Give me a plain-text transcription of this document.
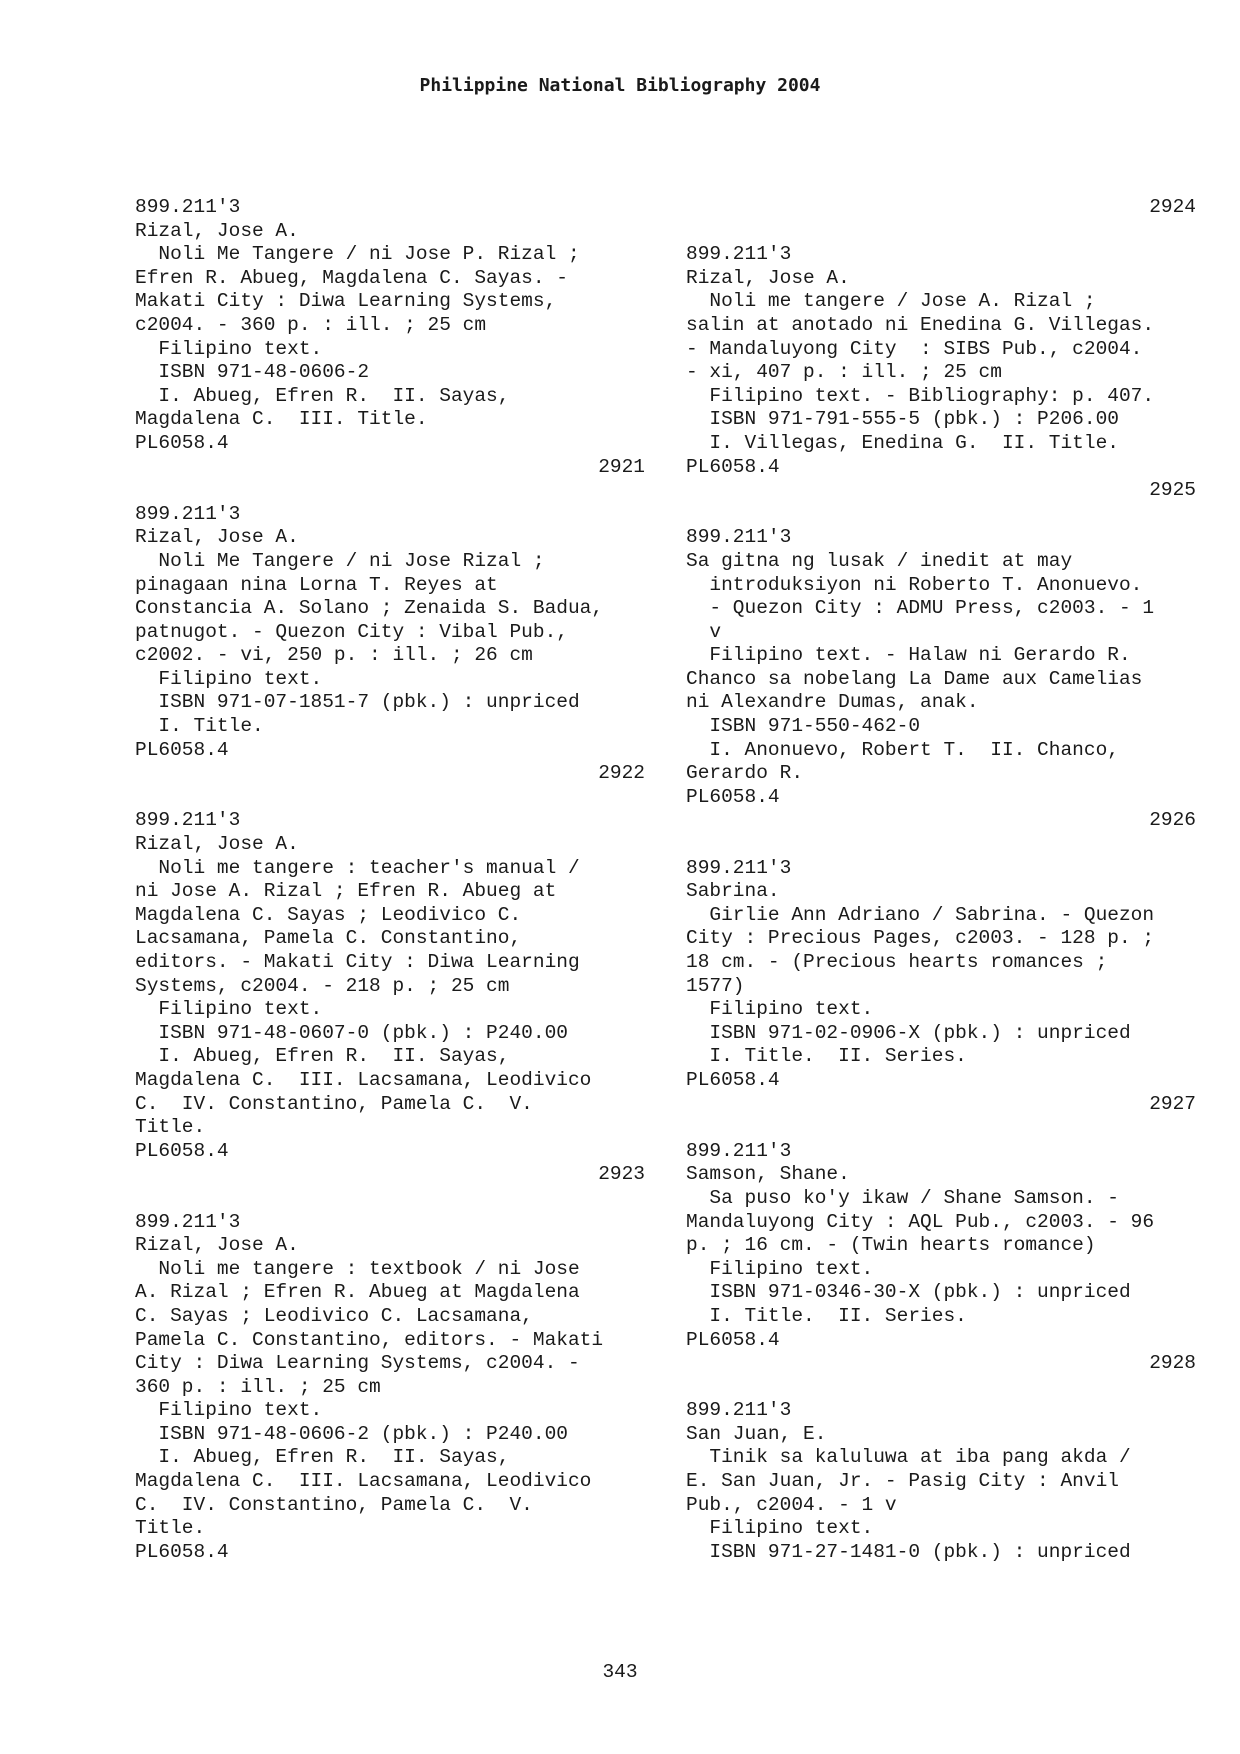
Philippine National Bibliography 2004
899.211'3
Rizal, Jose A.
Noli Me Tangere / ni Jose P. Rizal ;
Efren R. Abueg, Magdalena C. Sayas. -
Makati City : Diwa Learning Systems,
c2004. - 360 p. : ill. ; 25 cm
Filipino text.
ISBN 971-48-0606-2
I. Abueg, Efren R.  II. Sayas,
Magdalena C.  III. Title.
PL6058.4
2921
899.211'3
Rizal, Jose A.
Noli Me Tangere / ni Jose Rizal ;
pinagaan nina Lorna T. Reyes at
Constancia A. Solano ; Zenaida S. Badua,
patnugot. - Quezon City : Vibal Pub.,
c2002. - vi, 250 p. : ill. ; 26 cm
Filipino text.
ISBN 971-07-1851-7 (pbk.) : unpriced
I. Title.
PL6058.4
2922
899.211'3
Rizal, Jose A.
Noli me tangere : teacher's manual /
ni Jose A. Rizal ; Efren R. Abueg at
Magdalena C. Sayas ; Leodivico C.
Lacsamana, Pamela C. Constantino,
editors. - Makati City : Diwa Learning
Systems, c2004. - 218 p. ; 25 cm
Filipino text.
ISBN 971-48-0607-0 (pbk.) : P240.00
I. Abueg, Efren R.  II. Sayas,
Magdalena C.  III. Lacsamana, Leodivico
C.  IV. Constantino, Pamela C.  V.
Title.
PL6058.4
2923
899.211'3
Rizal, Jose A.
Noli me tangere : textbook / ni Jose
A. Rizal ; Efren R. Abueg at Magdalena
C. Sayas ; Leodivico C. Lacsamana,
Pamela C. Constantino, editors. - Makati
City : Diwa Learning Systems, c2004. -
360 p. : ill. ; 25 cm
Filipino text.
ISBN 971-48-0606-2 (pbk.) : P240.00
I. Abueg, Efren R.  II. Sayas,
Magdalena C.  III. Lacsamana, Leodivico
C.  IV. Constantino, Pamela C.  V.
Title.
PL6058.4
2924
899.211'3
Rizal, Jose A.
Noli me tangere / Jose A. Rizal ;
salin at anotado ni Enedina G. Villegas.
- Mandaluyong City  : SIBS Pub., c2004.
- xi, 407 p. : ill. ; 25 cm
Filipino text. - Bibliography: p. 407.
ISBN 971-791-555-5 (pbk.) : P206.00
I. Villegas, Enedina G.  II. Title.
PL6058.4
2925
899.211'3
Sa gitna ng lusak / inedit at may
introduksiyon ni Roberto T. Anonuevo.
- Quezon City : ADMU Press, c2003. - 1
v
Filipino text. - Halaw ni Gerardo R.
Chanco sa nobelang La Dame aux Camelias
ni Alexandre Dumas, anak.
ISBN 971-550-462-0
I. Anonuevo, Robert T.  II. Chanco,
Gerardo R.
PL6058.4
2926
899.211'3
Sabrina.
Girlie Ann Adriano / Sabrina. - Quezon
City : Precious Pages, c2003. - 128 p. ;
18 cm. - (Precious hearts romances ;
1577)
Filipino text.
ISBN 971-02-0906-X (pbk.) : unpriced
I. Title.  II. Series.
PL6058.4
2927
899.211'3
Samson, Shane.
Sa puso ko'y ikaw / Shane Samson. -
Mandaluyong City : AQL Pub., c2003. - 96
p. ; 16 cm. - (Twin hearts romance)
Filipino text.
ISBN 971-0346-30-X (pbk.) : unpriced
I. Title.  II. Series.
PL6058.4
2928
899.211'3
San Juan, E.
Tinik sa kaluluwa at iba pang akda /
E. San Juan, Jr. - Pasig City : Anvil
Pub., c2004. - 1 v
Filipino text.
ISBN 971-27-1481-0 (pbk.) : unpriced
343
